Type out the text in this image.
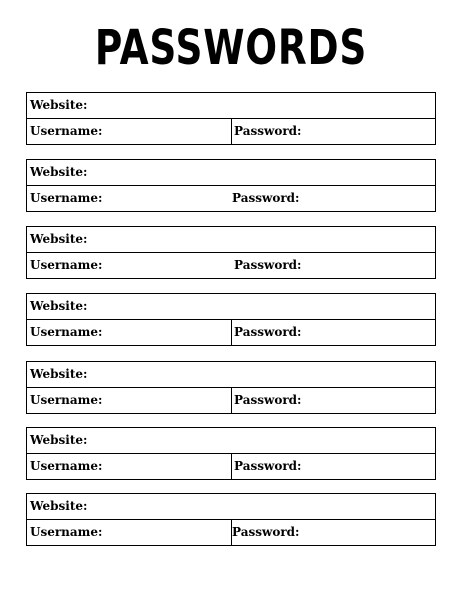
PASSWORDS
Website:
Username:	Password:
Website:
Username:	Password:
Website:
Username:	Password:
Website:
Username:	Password:
Website:
Username:	Password:
Website:
Username:	Password:
Website:
Username:	Password:
